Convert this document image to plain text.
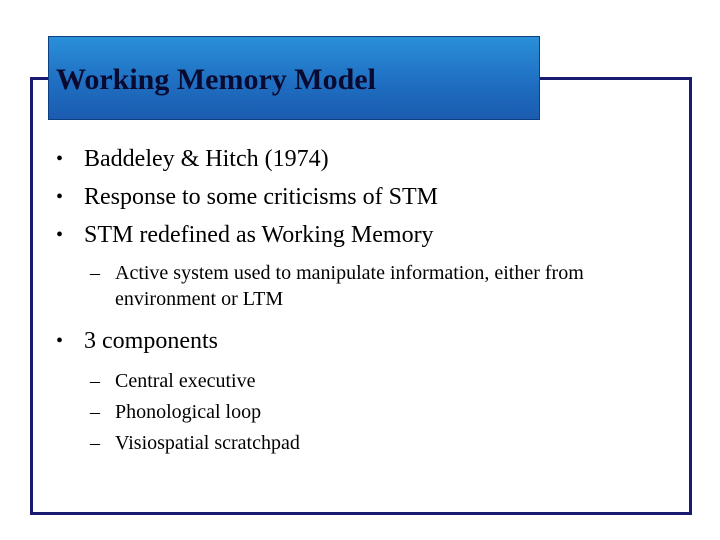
Working Memory Model
• Baddeley & Hitch (1974)
• Response to some criticisms of STM
• STM redefined as Working Memory
– Active system used to manipulate information, either from environment or LTM
• 3 components
– Central executive
– Phonological loop
– Visiospatial scratchpad
